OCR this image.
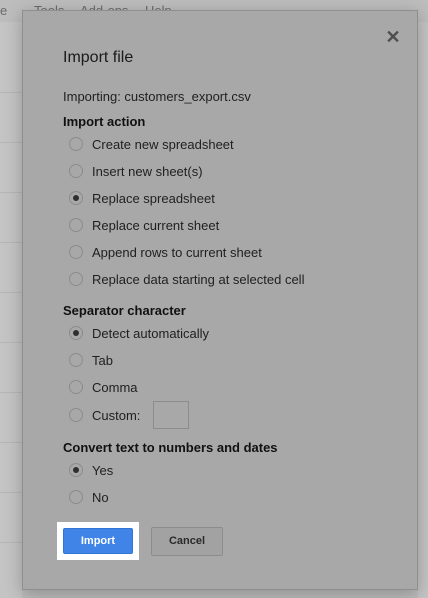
e
✕
Import file
Importing: customers_export.csv
Import action
Create new spreadsheet
Insert new sheet(s)
Replace spreadsheet
Replace current sheet
Append rows to current sheet
Replace data starting at selected cell
Separator character
Detect automatically
Tab
Comma
Custom:
Convert text to numbers and dates
Yes
No
Import	Cancel
